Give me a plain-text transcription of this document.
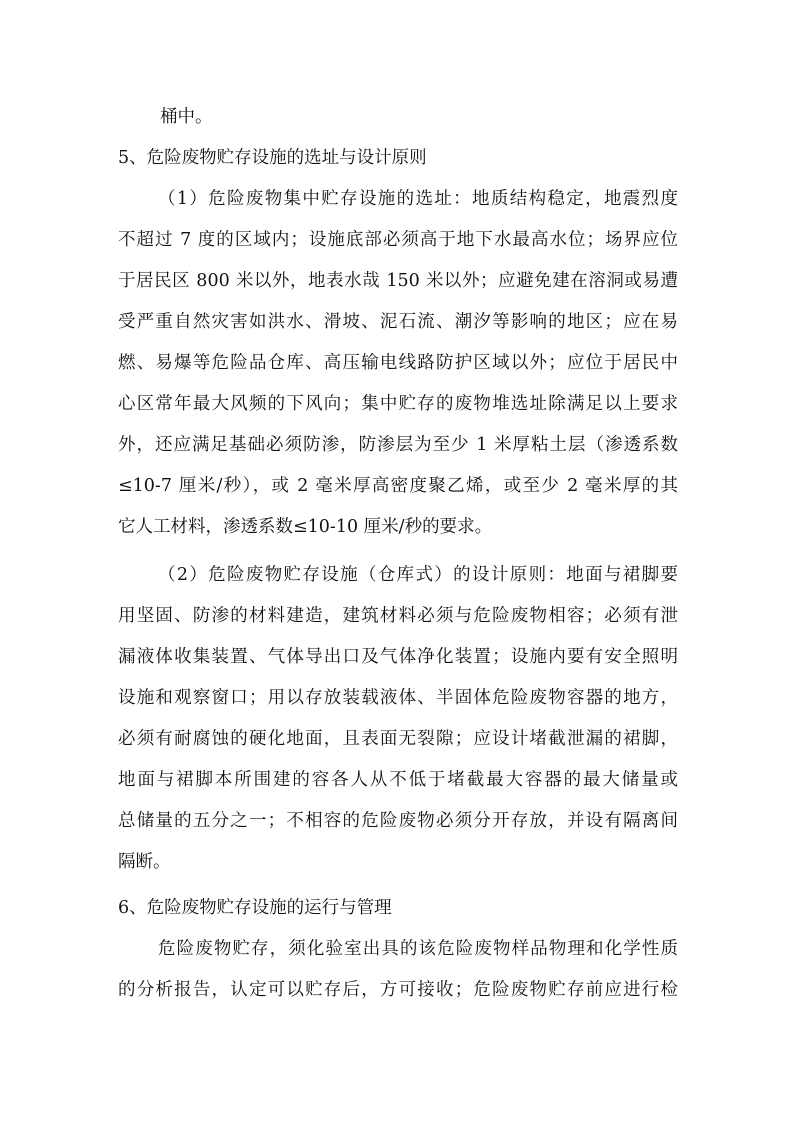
桶中。
5、危险废物贮存设施的选址与设计原则
（1）危险废物集中贮存设施的选址：地质结构稳定，地震烈度
不超过 7 度的区域内；设施底部必须高于地下水最高水位；场界应位
于居民区 800 米以外，地表水哉 150 米以外；应避免建在溶洞或易遭
受严重自然灾害如洪水、滑坡、泥石流、潮汐等影响的地区；应在易
燃、易爆等危险品仓库、高压输电线路防护区域以外；应位于居民中
心区常年最大风频的下风向；集中贮存的废物堆选址除满足以上要求
外，还应满足基础必须防渗，防渗层为至少 1 米厚粘土层（渗透系数
≤10-7 厘米/秒），或 2 毫米厚高密度聚乙烯，或至少 2 毫米厚的其
它人工材料，渗透系数≤10-10 厘米/秒的要求。
（2）危险废物贮存设施（仓库式）的设计原则：地面与裙脚要
用坚固、防渗的材料建造，建筑材料必须与危险废物相容；必须有泄
漏液体收集装置、气体导出口及气体净化装置；设施内要有安全照明
设施和观察窗口；用以存放装载液体、半固体危险废物容器的地方，
必须有耐腐蚀的硬化地面，且表面无裂隙；应设计堵截泄漏的裙脚，
地面与裙脚本所围建的容各人从不低于堵截最大容器的最大储量或
总储量的五分之一；不相容的危险废物必须分开存放，并设有隔离间
隔断。
6、危险废物贮存设施的运行与管理
危险废物贮存，须化验室出具的该危险废物样品物理和化学性质
的分析报告，认定可以贮存后，方可接收；危险废物贮存前应进行检
